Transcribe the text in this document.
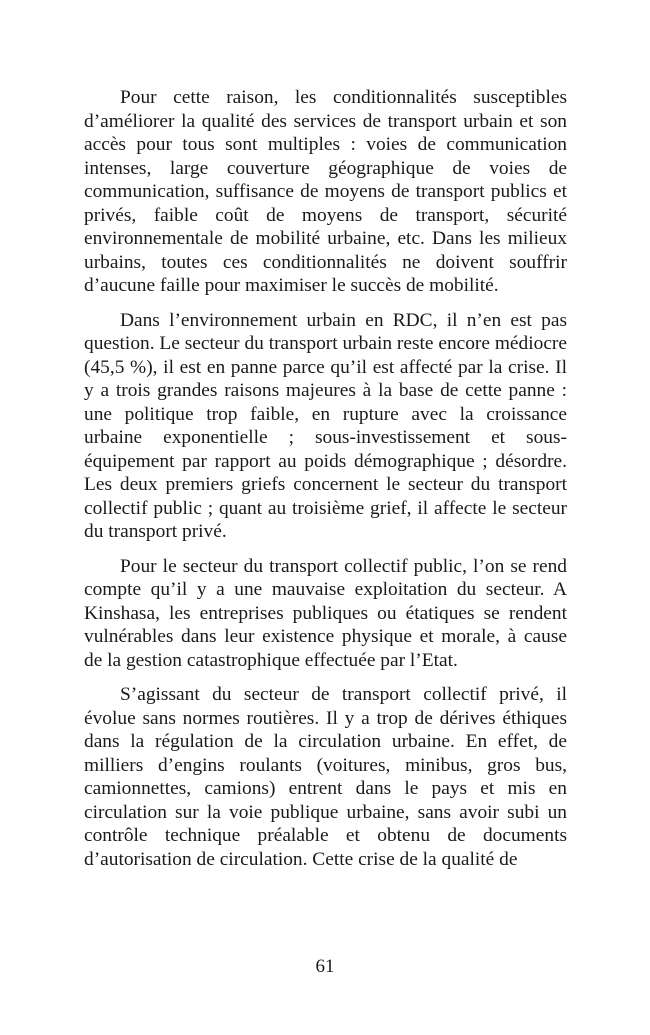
Pour cette raison, les conditionnalités susceptibles d’améliorer la qualité des services de transport urbain et son accès pour tous sont multiples : voies de communication intenses, large couverture géographique de voies de communication, suffisance de moyens de transport publics et privés, faible coût de moyens de transport, sécurité environnementale de mobilité urbaine, etc. Dans les milieux urbains, toutes ces conditionnalités ne doivent souffrir d’aucune faille pour maximiser le succès de mobilité.

Dans l’environnement urbain en RDC, il n’en est pas question. Le secteur du transport urbain reste encore médiocre (45,5 %), il est en panne parce qu’il est affecté par la crise. Il y a trois grandes raisons majeures à la base de cette panne : une politique trop faible, en rupture avec la croissance urbaine exponentielle ; sous-investissement et sous-équipement par rapport au poids démographique ; désordre. Les deux premiers griefs concernent le secteur du transport collectif public ; quant au troisième grief, il affecte le secteur du transport privé.

Pour le secteur du transport collectif public, l’on se rend compte qu’il y a une mauvaise exploitation du secteur. A Kinshasa, les entreprises publiques ou étatiques se rendent vulnérables dans leur existence physique et morale, à cause de la gestion catastrophique effectuée par l’Etat.

S’agissant du secteur de transport collectif privé, il évolue sans normes routières. Il y a trop de dérives éthiques dans la régulation de la circulation urbaine. En effet, de milliers d’engins roulants (voitures, minibus, gros bus, camionnettes, camions) entrent dans le pays et mis en circulation sur la voie publique urbaine, sans avoir subi un contrôle technique préalable et obtenu de documents d’autorisation de circulation. Cette crise de la qualité de

61
